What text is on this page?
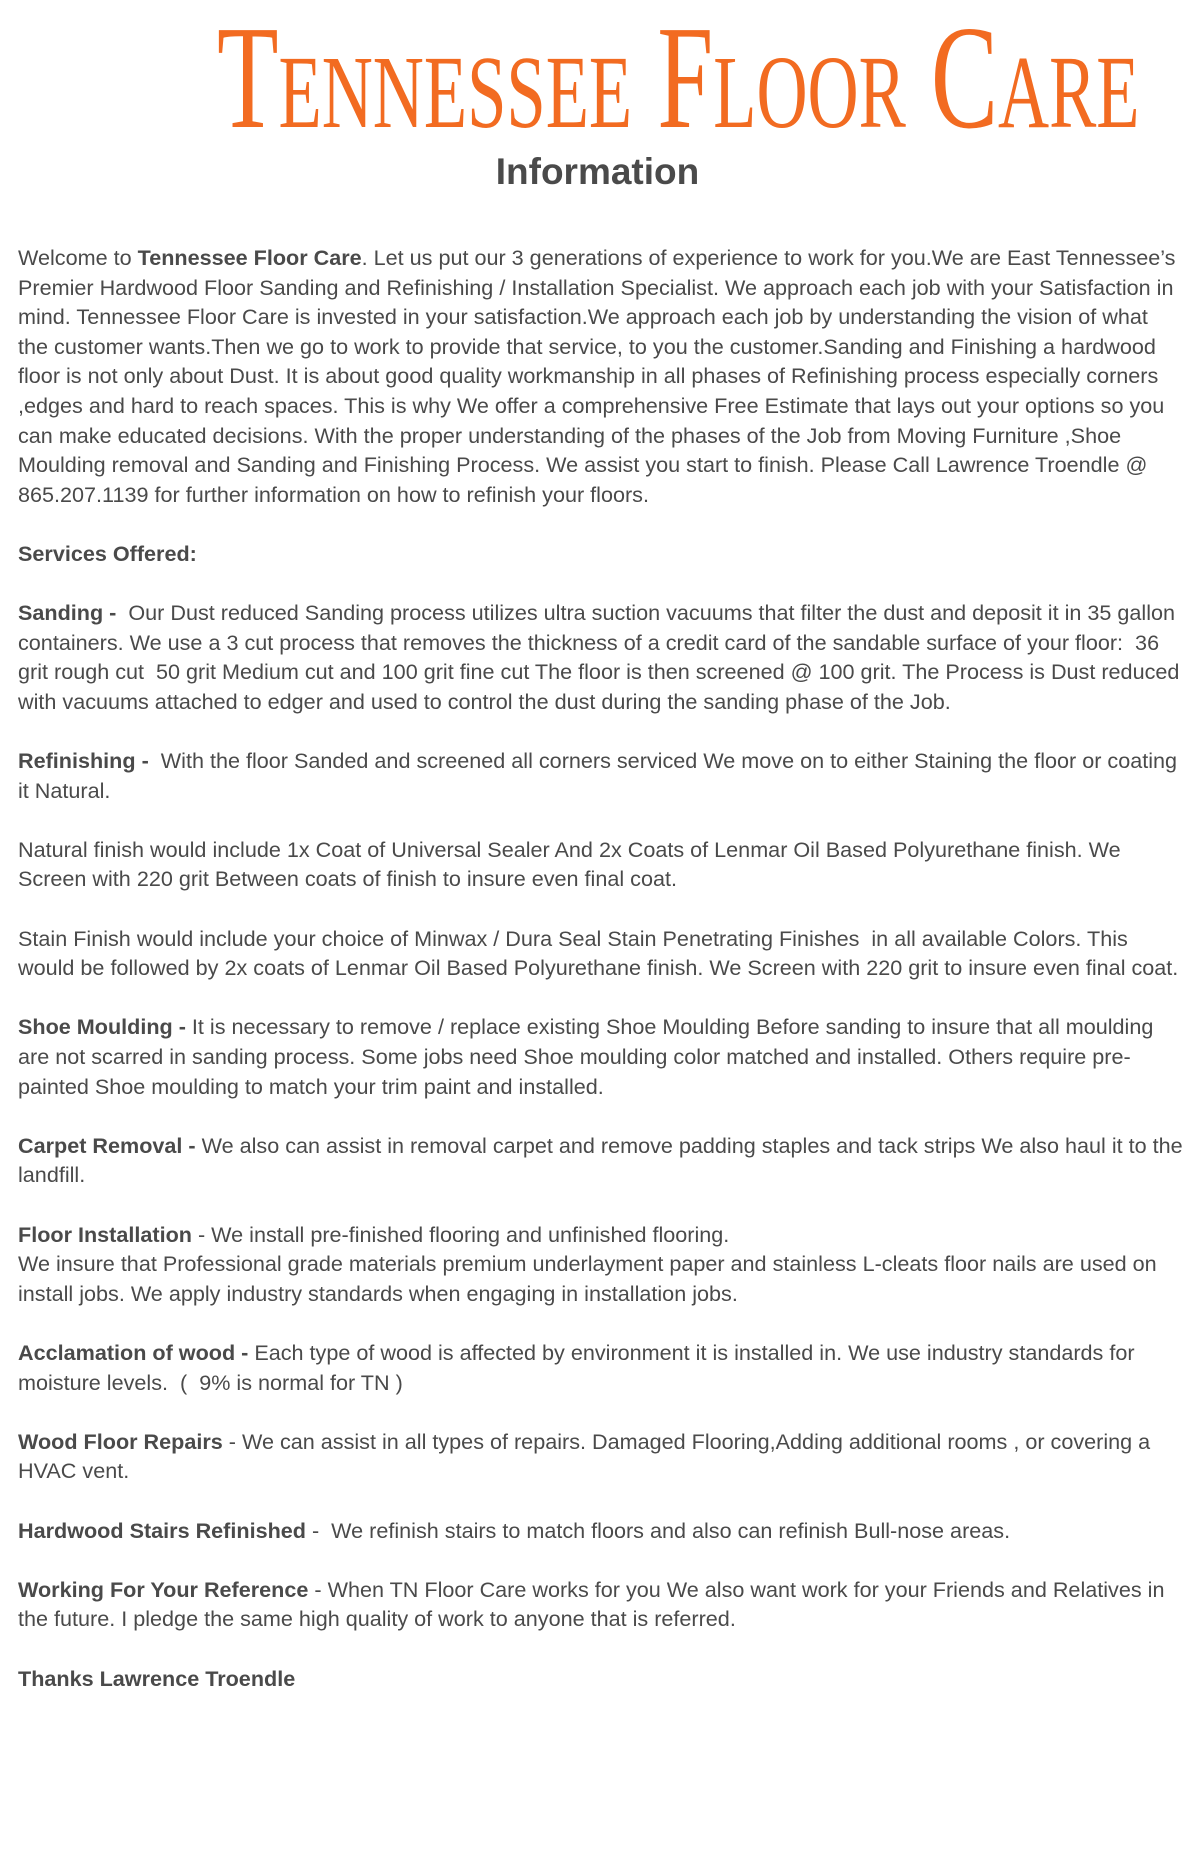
Tennessee Floor Care
Information

Welcome to Tennessee Floor Care. Let us put our 3 generations of experience to work for you.We are East Tennessee’s Premier Hardwood Floor Sanding and Refinishing / Installation Specialist. We approach each job with your Satisfaction in mind. Tennessee Floor Care is invested in your satisfaction.We approach each job by understanding the vision of what the customer wants.Then we go to work to provide that service, to you the customer.Sanding and Finishing a hardwood floor is not only about Dust. It is about good quality workmanship in all phases of Refinishing process especially corners ,edges and hard to reach spaces. This is why We offer a comprehensive Free Estimate that lays out your options so you can make educated decisions. With the proper understanding of the phases of the Job from Moving Furniture ,Shoe Moulding removal and Sanding and Finishing Process. We assist you start to finish. Please Call Lawrence Troendle @ 865.207.1139 for further information on how to refinish your floors.

Services Offered:

Sanding -  Our Dust reduced Sanding process utilizes ultra suction vacuums that filter the dust and deposit it in 35 gallon containers. We use a 3 cut process that removes the thickness of a credit card of the sandable surface of your floor:  36 grit rough cut  50 grit Medium cut and 100 grit fine cut The floor is then screened @ 100 grit. The Process is Dust reduced with vacuums attached to edger and used to control the dust during the sanding phase of the Job.

Refinishing -  With the floor Sanded and screened all corners serviced We move on to either Staining the floor or coating it Natural.

Natural finish would include 1x Coat of Universal Sealer And 2x Coats of Lenmar Oil Based Polyurethane finish. We Screen with 220 grit Between coats of finish to insure even final coat.

Stain Finish would include your choice of Minwax / Dura Seal Stain Penetrating Finishes  in all available Colors. This would be followed by 2x coats of Lenmar Oil Based Polyurethane finish. We Screen with 220 grit to insure even final coat.

Shoe Moulding - It is necessary to remove / replace existing Shoe Moulding Before sanding to insure that all moulding are not scarred in sanding process. Some jobs need Shoe moulding color matched and installed. Others require pre-painted Shoe moulding to match your trim paint and installed.

Carpet Removal - We also can assist in removal carpet and remove padding staples and tack strips We also haul it to the landfill.

Floor Installation - We install pre-finished flooring and unfinished flooring.
We insure that Professional grade materials premium underlayment paper and stainless L-cleats floor nails are used on install jobs. We apply industry standards when engaging in installation jobs.

Acclamation of wood - Each type of wood is affected by environment it is installed in. We use industry standards for moisture levels.  (  9% is normal for TN )

Wood Floor Repairs - We can assist in all types of repairs. Damaged Flooring,Adding additional rooms , or covering a HVAC vent.

Hardwood Stairs Refinished -  We refinish stairs to match floors and also can refinish Bull-nose areas.

Working For Your Reference - When TN Floor Care works for you We also want work for your Friends and Relatives in the future. I pledge the same high quality of work to anyone that is referred.

Thanks Lawrence Troendle
